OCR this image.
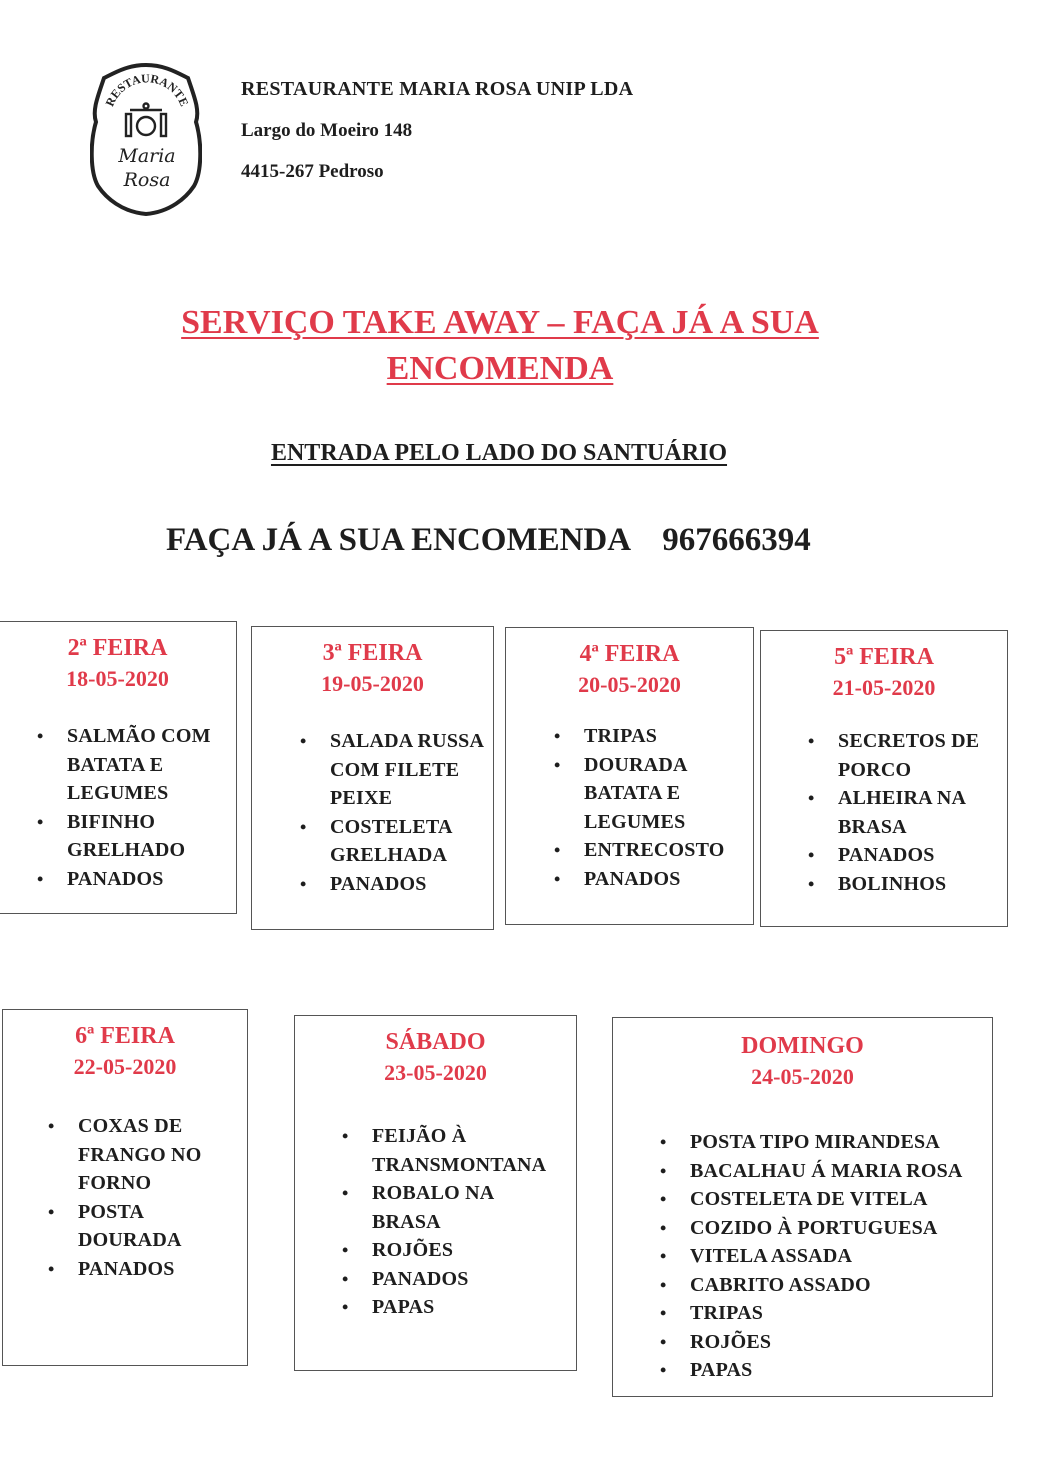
RESTAURANTE
Maria
Rosa
RESTAURANTE MARIA ROSA UNIP LDA
Largo do Moeiro 148
4415-267 Pedroso
SERVIÇO TAKE AWAY – FAÇA JÁ A SUA
ENCOMENDA
ENTRADA PELO LADO DO SANTUÁRIO
FAÇA JÁ A SUA ENCOMENDA 967666394
2ª FEIRA
18-05-2020
• SALMÃO COM BATATA E LEGUMES
• BIFINHO GRELHADO
• PANADOS
3ª FEIRA
19-05-2020
• SALADA RUSSA COM FILETE PEIXE
• COSTELETA GRELHADA
• PANADOS
4ª FEIRA
20-05-2020
• TRIPAS
• DOURADA BATATA E LEGUMES
• ENTRECOSTO
• PANADOS
5ª FEIRA
21-05-2020
• SECRETOS DE PORCO
• ALHEIRA NA BRASA
• PANADOS
• BOLINHOS
6ª FEIRA
22-05-2020
• COXAS DE FRANGO NO FORNO
• POSTA DOURADA
• PANADOS
SÁBADO
23-05-2020
• FEIJÃO À TRANSMONTANA
• ROBALO NA BRASA
• ROJÕES
• PANADOS
• PAPAS
DOMINGO
24-05-2020
• POSTA TIPO MIRANDESA
• BACALHAU Á MARIA ROSA
• COSTELETA DE VITELA
• COZIDO À PORTUGUESA
• VITELA ASSADA
• CABRITO ASSADO
• TRIPAS
• ROJÕES
• PAPAS
